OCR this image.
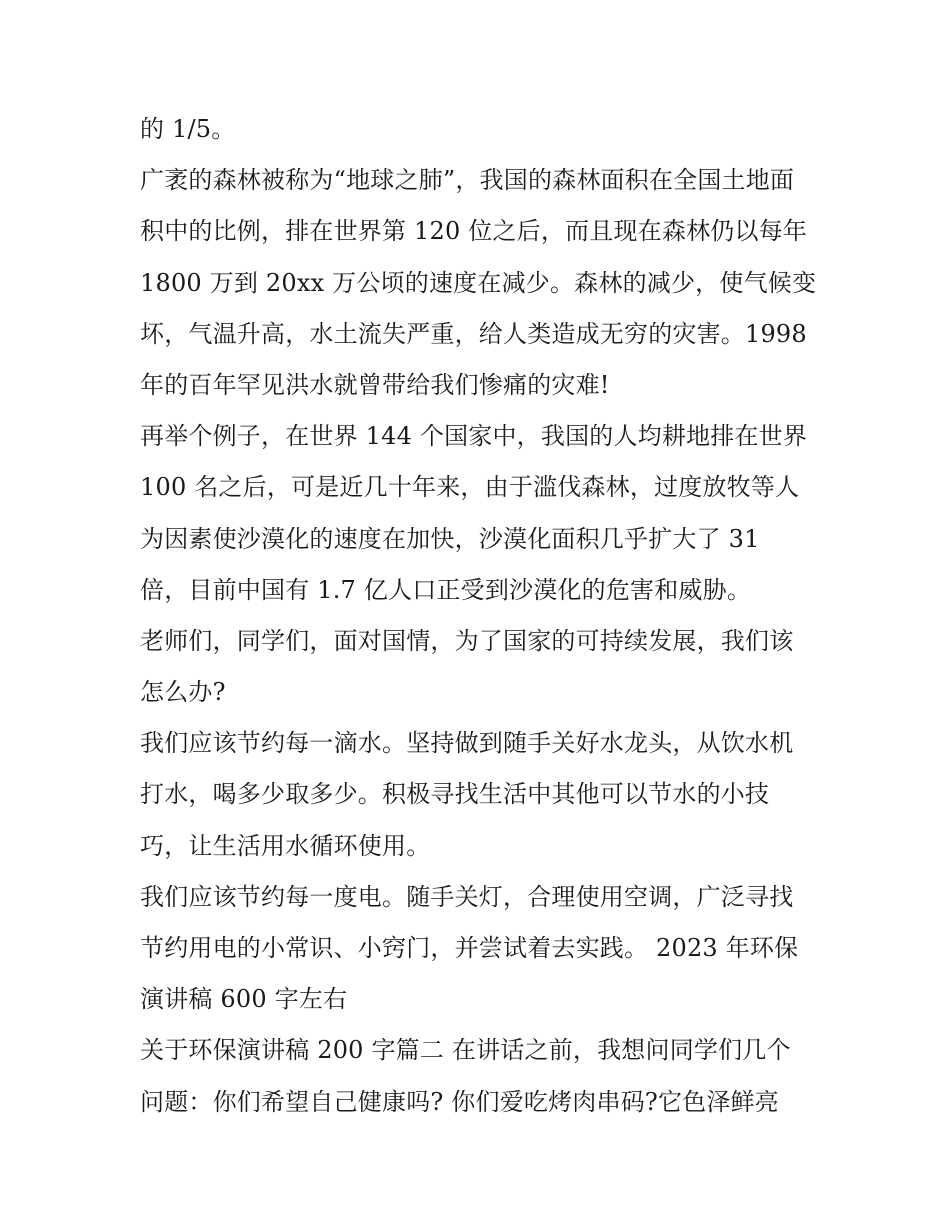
的 1/5。
广袤的森林被称为“地球之肺”，我国的森林面积在全国土地面
积中的比例，排在世界第 120 位之后，而且现在森林仍以每年
1800 万到 20xx 万公顷的速度在减少。森林的减少，使气候变
坏，气温升高，水土流失严重，给人类造成无穷的灾害。1998
年的百年罕见洪水就曾带给我们惨痛的灾难!
再举个例子，在世界 144 个国家中，我国的人均耕地排在世界
100 名之后，可是近几十年来，由于滥伐森林，过度放牧等人
为因素使沙漠化的速度在加快，沙漠化面积几乎扩大了 31
倍，目前中国有 1.7 亿人口正受到沙漠化的危害和威胁。
老师们，同学们，面对国情，为了国家的可持续发展，我们该
怎么办?
我们应该节约每一滴水。坚持做到随手关好水龙头，从饮水机
打水，喝多少取多少。积极寻找生活中其他可以节水的小技
巧，让生活用水循环使用。
我们应该节约每一度电。随手关灯，合理使用空调，广泛寻找
节约用电的小常识、小窍门，并尝试着去实践。 2023 年环保
演讲稿 600 字左右
关于环保演讲稿 200 字篇二 在讲话之前，我想问同学们几个
问题：你们希望自己健康吗? 你们爱吃烤肉串码?它色泽鲜亮
